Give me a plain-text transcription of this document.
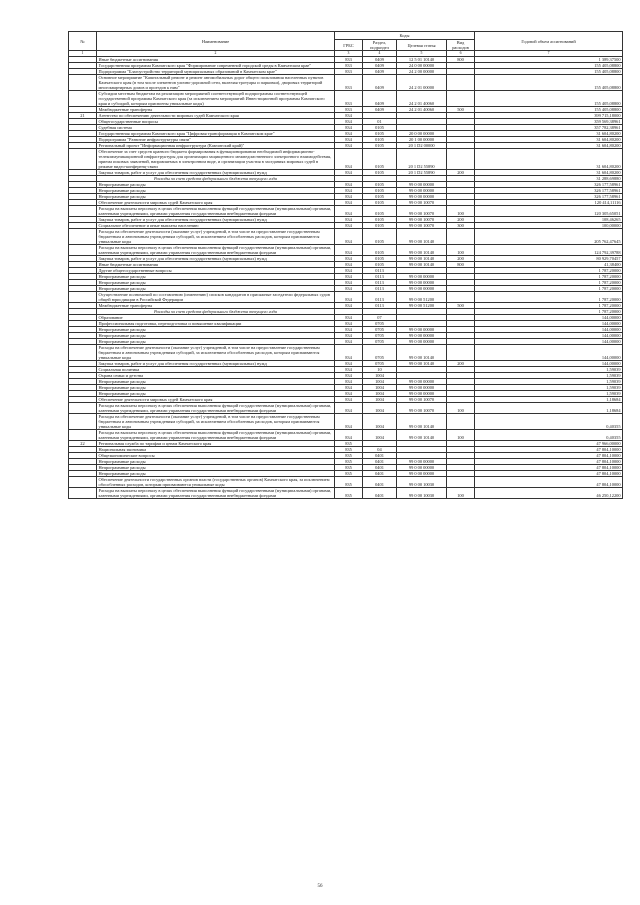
№	Наименование	Коды				Годовой объем ассигнований
		ГРБС	Раздел, подраздел	Целевая статья	Вид расходов	
1	2	3	4	5	6	7
	Иные бюджетные ассигнования	833	0409	12 5 01 10140	800	1 389,37500
	Государственная программа Камчатского края "Формирование современной городской среды в Камчатском крае"	833	0409	24 0 00 00000		155 405,08800
	Подпрограмма "Благоустройство территорий муниципальных образований в Камчатском крае"	833	0409	24 2 00 00000		155 405,08800
	Основное мероприятие "Капитальный ремонт и ремонт автомобильных дорог общего пользования населенных пунктов Камчатского края (в том числе элементов улично-дорожной сети, включая тротуары и парковки), дворовых территорий многоквартирных домов и проездов к ним"	833	0409	24 2 01 00000		155 405,08800
	Субсидии местным бюджетам на реализацию мероприятий соответствующей подпрограммы соответствующей государственной программы Камчатского края (за исключением мероприятий Инвестиционной программы Камчатского края и субсидий, которым присвоены уникальные коды)	833	0409	24 2 01 40060		155 405,08800
	Межбюджетные трансферты	833	0409	24 2 01 40060	500	155 405,08800
21	Агентство по обеспечению деятельности мировых судей Камчатского края	834				399 715,18000
	Общегосударственные вопросы	834	01			359 569,38961
	Судебная система	834	0105			357 782,38961
	Государственная программа Камчатского края "Цифровая трансформация в Камчатском крае"	834	0105	20 0 00 00000		31 604,80200
	Подпрограмма "Развитие инфраструктуры связи"	834	0105	20 1 00 00000		31 604,80200
	Региональный проект "Информационная инфраструктура (Камчатский край)"	834	0105	20 1 D2 00000		31 604,80200
	Обеспечение за счет средств краевого бюджета формирования в функционировании необходимой информационно-телекоммуникационной инфраструктуры для организации защищенного межведомственного электронного взаимодействия, приема исковых заявлений, направляемых в электронном виде, и организации участия в заседаниях мировых судей в режиме видео-конференц-связи	834	0105	20 1 D2 55890		31 604,80200
	Закупка товаров, работ и услуг для обеспечения государственных (муниципальных) нужд	834	0105	20 1 D2 55890	200	31 604,80200
	Расходы за счет средств федерального бюджета текущего года					31 288,69880
	Непрограммные расходы	834	0105	99 0 00 00000		326 177,58961
	Непрограммные расходы	834	0105	99 0 00 00000		326 177,58961
	Непрограммные расходы	834	0105	99 0 00 00000		326 177,58961
	Обеспечение деятельности мировых судей Камчатского края	834	0105	99 0 00 10070		120 414,11116
	Расходы на выплаты персоналу в целях обеспечения выполнения функций государственными (муниципальными) органами, казенными учреждениями, органами управления государственными внебюджетными фондами	834	0105	99 0 00 10070	100	120 305,65051
	Закупка товаров, работ и услуг для обеспечения государственных (муниципальных) нужд	834	0105	99 0 00 10070	200	108,46265
	Социальное обеспечение и иные выплаты населению	834	0105	99 0 00 10070	300	100,00000
	Расходы на обеспечение деятельности (оказание услуг) учреждений, в том числе на предоставление государственным бюджетным и автономным учреждениям субсидий, за исключением обособленных расходов, которым присваиваются уникальные коды	834	0105	99 0 00 10140		205 762,47645
	Расходы на выплаты персоналу в целях обеспечения выполнения функций государственными (муниципальными) органами, казенными учреждениями, органами управления государственными внебюджетными фондами	834	0105	99 0 00 10140	100	124 792,39788
	Закупка товаров, работ и услуг для обеспечения государственных (муниципальных) нужд	834	0105	99 0 00 10140	200	80 929,70457
	Иные бюджетные ассигнования	834	0105	99 0 00 10140	800	41,38400
	Другие общегосударственные вопросы	834	0113			1 787,20000
	Непрограммные расходы	834	0113	99 0 00 00000		1 787,20000
	Непрограммные расходы	834	0113	99 0 00 00000		1 787,20000
	Непрограммные расходы	834	0113	99 0 00 00000		1 787,20000
	Осуществление полномочий по составлению (изменению) списков кандидатов в присяжные заседатели федеральных судов общей юрисдикции в Российской Федерации	834	0113	99 0 00 51200		1 787,20000
	Межбюджетные трансферты	834	0113	99 0 00 51200	500	1 787,20000
	Расходы за счет средств федерального бюджета текущего года					1 787,20000
	Образование	834	07			144,00000
	Профессиональная подготовка, переподготовка и повышение квалификации	834	0705			144,00000
	Непрограммные расходы	834	0705	99 0 00 00000		144,00000
	Непрограммные расходы	834	0705	99 0 00 00000		144,00000
	Непрограммные расходы	834	0705	99 0 00 00000		144,00000
	Расходы на обеспечение деятельности (оказание услуг) учреждений, в том числе на предоставление государственным бюджетным и автономным учреждениям субсидий, за исключением обособленных расходов, которым присваиваются уникальные коды	834	0705	99 0 00 10140		144,00000
	Закупка товаров, работ и услуг для обеспечения государственных (муниципальных) нужд	834	0705	99 0 00 10140	200	144,00000
	Социальная политика	834	10			1,59039
	Охрана семьи и детства	834	1004			1,59039
	Непрограммные расходы	834	1004	99 0 00 00000		1,59039
	Непрограммные расходы	834	1004	99 0 00 00000		1,59039
	Непрограммные расходы	834	1004	99 0 00 00000		1,59039
	Обеспечение деятельности мировых судей Камчатского края	834	1004	99 0 00 10070		1,18684
	Расходы на выплаты персоналу в целях обеспечения выполнения функций государственными (муниципальными) органами, казенными учреждениями, органами управления государственными внебюджетными фондами	834	1004	99 0 00 10070	100	1,18684
	Расходы на обеспечение деятельности (оказание услуг) учреждений, в том числе на предоставление государственным бюджетным и автономным учреждениям субсидий, за исключением обособленных расходов, которым присваиваются уникальные коды	834	1004	99 0 00 10140		0,40355
	Расходы на выплаты персоналу в целях обеспечения выполнения функций государственными (муниципальными) органами, казенными учреждениями, органами управления государственными внебюджетными фондами	834	1004	99 0 00 10140	100	0,40355
22	Региональная служба по тарифам и ценам Камчатского края	835				47 966,00000
	Национальная экономика	835	04			47 804,10000
	Общеэкономические вопросы	835	0401			47 804,10000
	Непрограммные расходы	835	0401	99 0 00 00000		47 804,10000
	Непрограммные расходы	835	0401	99 0 00 00000		47 804,10000
	Непрограммные расходы	835	0401	99 0 00 00000		47 804,10000
	Обеспечение деятельности государственных органов власти (государственных органов) Камчатского края, за исключением обособленных расходов, которым присваиваются уникальные коды	835	0401	99 0 00 10030		47 804,10000
	Расходы на выплаты персоналу в целях обеспечения выполнения функций государственными (муниципальными) органами, казенными учреждениями, органами управления государственными внебюджетными фондами	835	0401	99 0 00 10030	100	46 250,12200
56
